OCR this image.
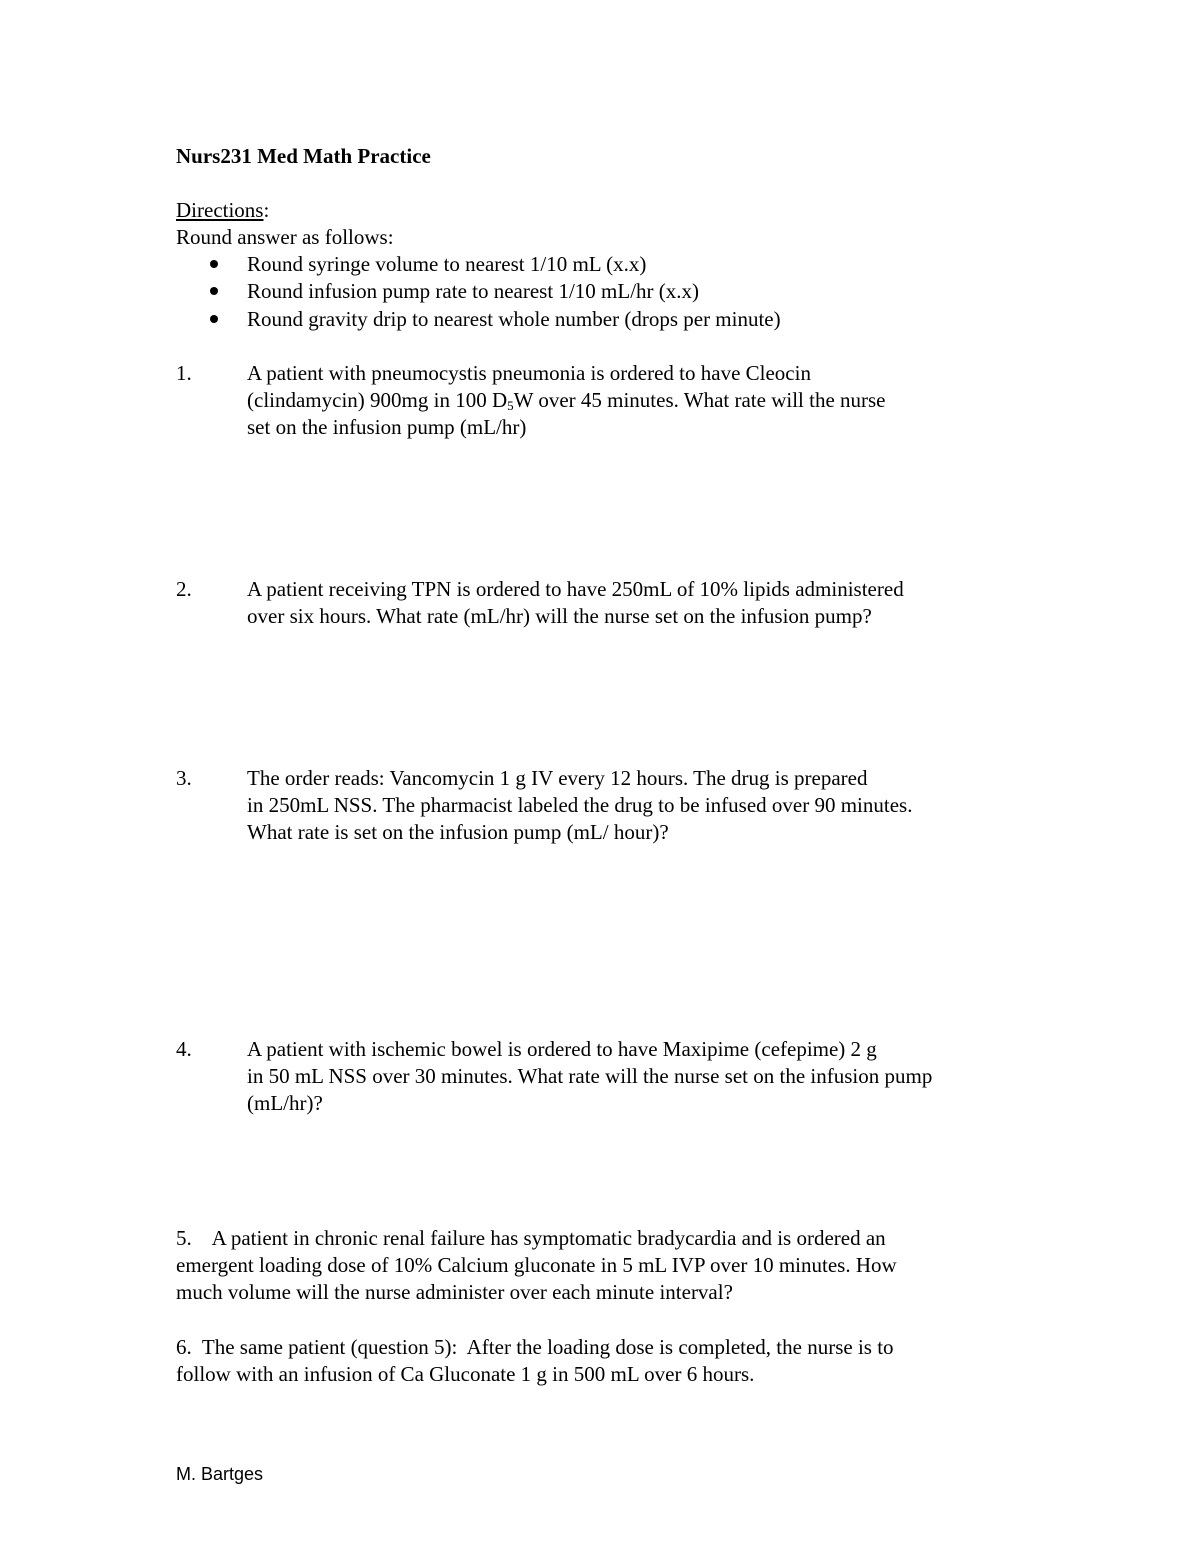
Nurs231 Med Math Practice
Directions:
Round answer as follows:
Round syringe volume to nearest 1/10 mL (x.x)
Round infusion pump rate to nearest 1/10 mL/hr (x.x)
Round gravity drip to nearest whole number (drops per minute)
1.	A patient with pneumocystis pneumonia is ordered to have Cleocin
(clindamycin) 900mg in 100 $D_5W$ over 45 minutes. What rate will the nurse
set on the infusion pump (mL/hr)
2.	A patient receiving TPN is ordered to have 250mL of 10% lipids administered
over six hours. What rate (mL/hr) will the nurse set on the infusion pump?
3.	The order reads: Vancomycin 1 g IV every 12 hours. The drug is prepared
in 250mL NSS. The pharmacist labeled the drug to be infused over 90 minutes.
What rate is set on the infusion pump (mL/ hour)?
4.	A patient with ischemic bowel is ordered to have Maxipime (cefepime) 2 g
in 50 mL NSS over 30 minutes. What rate will the nurse set on the infusion pump
(mL/hr)?
5.    A patient in chronic renal failure has symptomatic bradycardia and is ordered an
emergent loading dose of 10% Calcium gluconate in 5 mL IVP over 10 minutes. How
much volume will the nurse administer over each minute interval?
6.  The same patient (question 5):  After the loading dose is completed, the nurse is to
follow with an infusion of Ca Gluconate 1 g in 500 mL over 6 hours.
M. Bartges
